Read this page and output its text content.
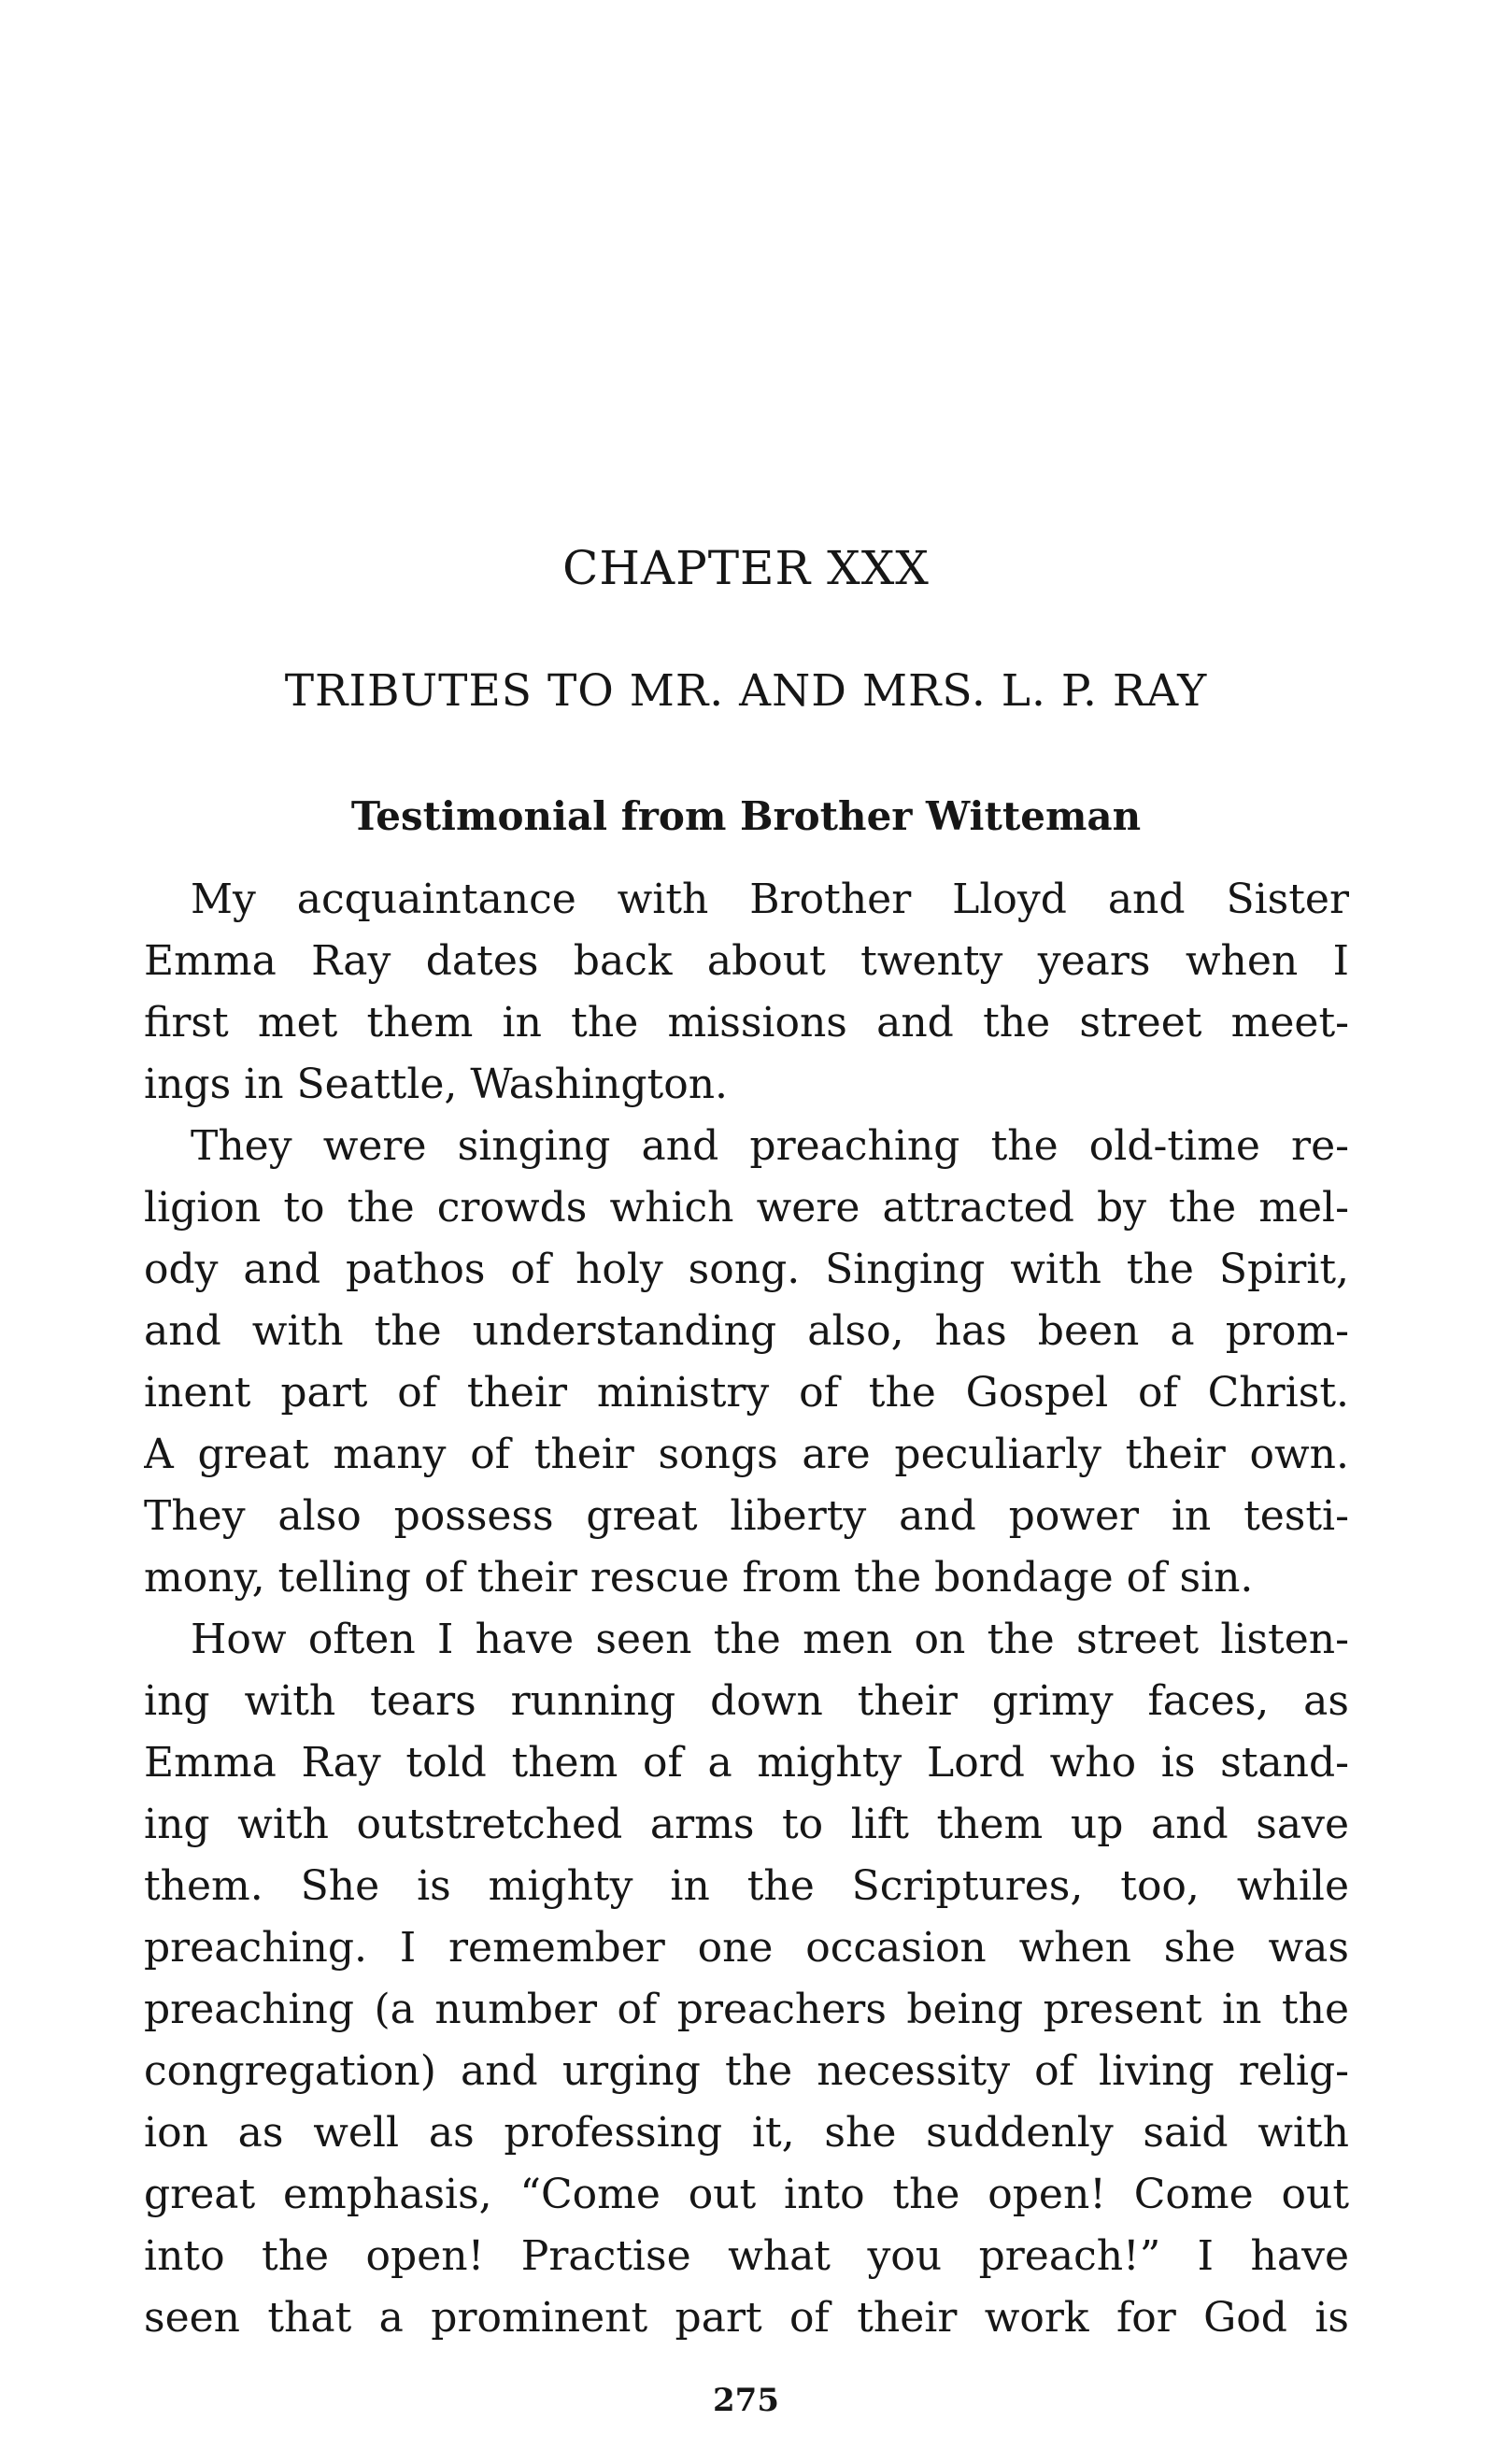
CHAPTER XXX
TRIBUTES TO MR. AND MRS. L. P. RAY
Testimonial from Brother Witteman
My acquaintance with Brother Lloyd and Sister
Emma Ray dates back about twenty years when I
first met them in the missions and the street meet-
ings in Seattle, Washington.
They were singing and preaching the old-time re-
ligion to the crowds which were attracted by the mel-
ody and pathos of holy song. Singing with the Spirit,
and with the understanding also, has been a prom-
inent part of their ministry of the Gospel of Christ.
A great many of their songs are peculiarly their own.
They also possess great liberty and power in testi-
mony, telling of their rescue from the bondage of sin.
How often I have seen the men on the street listen-
ing with tears running down their grimy faces, as
Emma Ray told them of a mighty Lord who is stand-
ing with outstretched arms to lift them up and save
them. She is mighty in the Scriptures, too, while
preaching. I remember one occasion when she was
preaching (a number of preachers being present in the
congregation) and urging the necessity of living relig-
ion as well as professing it, she suddenly said with
great emphasis, “Come out into the open! Come out
into the open! Practise what you preach!” I have
seen that a prominent part of their work for God is
275
